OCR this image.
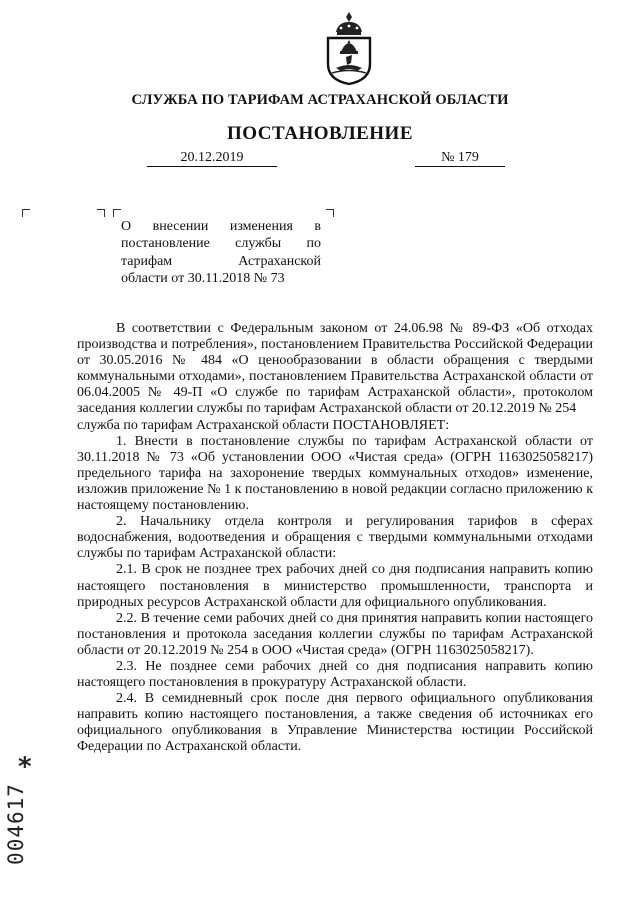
СЛУЖБА ПО ТАРИФАМ АСТРАХАНСКОЙ ОБЛАСТИ
ПОСТАНОВЛЕНИЕ
20.12.2019	№ 179
О внесении изменения в
постановление службы по
тарифам Астраханской
области от 30.11.2018 № 73

В соответствии с Федеральным законом от 24.06.98 № 89-ФЗ «Об отходах производства и потребления», постановлением Правительства Российской Федерации от 30.05.2016 № 484 «О ценообразовании в области обращения с твердыми коммунальными отходами», постановлением Правительства Астраханской области от 06.04.2005 № 49-П «О службе по тарифам Астраханской области», протоколом заседания коллегии службы по тарифам Астраханской области от 20.12.2019 № 254

служба по тарифам Астраханской области ПОСТАНОВЛЯЕТ:

1. Внести в постановление службы по тарифам Астраханской области от 30.11.2018 № 73 «Об установлении ООО «Чистая среда» (ОГРН 1163025058217) предельного тарифа на захоронение твердых коммунальных отходов» изменение, изложив приложение № 1 к постановлению в новой редакции согласно приложению к настоящему постановлению.

2. Начальнику отдела контроля и регулирования тарифов в сферах водоснабжения, водоотведения и обращения с твердыми коммунальными отходами службы по тарифам Астраханской области:

2.1. В срок не позднее трех рабочих дней со дня подписания направить копию настоящего постановления в министерство промышленности, транспорта и природных ресурсов Астраханской области для официального опубликования.

2.2. В течение семи рабочих дней со дня принятия направить копии настоящего постановления и протокола заседания коллегии службы по тарифам Астраханской области от 20.12.2019 № 254 в ООО «Чистая среда» (ОГРН 1163025058217).

2.3. Не позднее семи рабочих дней со дня подписания направить копию настоящего постановления в прокуратуру Астраханской области.

2.4. В семидневный срок после дня первого официального опубликования направить копию настоящего постановления, а также сведения об источниках его официального опубликования в Управление Министерства юстиции Российской Федерации по Астраханской области.

*
004617
